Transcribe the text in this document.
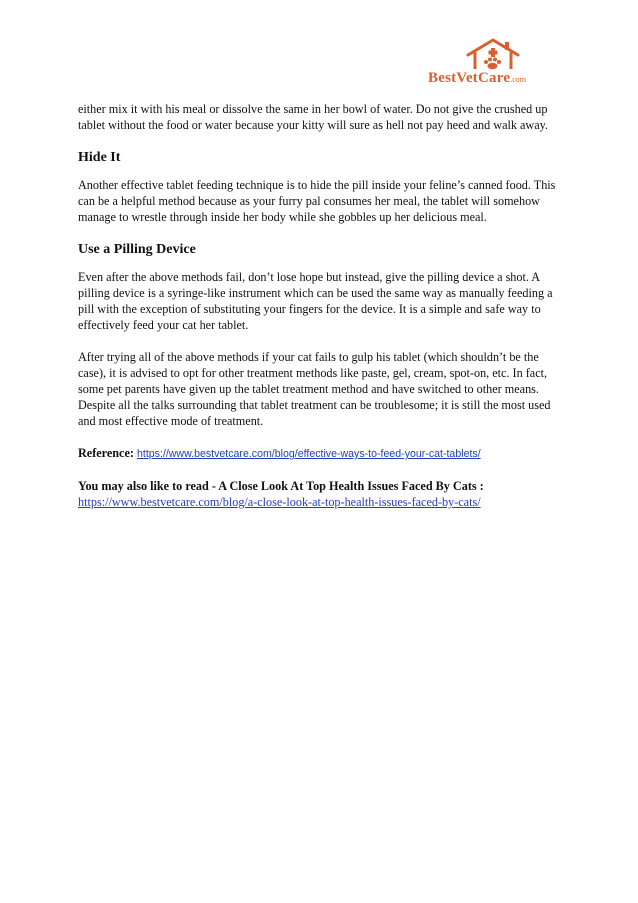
BestVetCare.com

either mix it with his meal or dissolve the same in her bowl of water. Do not give the crushed up tablet without the food or water because your kitty will sure as hell not pay heed and walk away.

Hide It

Another effective tablet feeding technique is to hide the pill inside your feline’s canned food. This can be a helpful method because as your furry pal consumes her meal, the tablet will somehow manage to wrestle through inside her body while she gobbles up her delicious meal.

Use a Pilling Device

Even after the above methods fail, don’t lose hope but instead, give the pilling device a shot. A pilling device is a syringe-like instrument which can be used the same way as manually feeding a pill with the exception of substituting your fingers for the device. It is a simple and safe way to effectively feed your cat her tablet.

After trying all of the above methods if your cat fails to gulp his tablet (which shouldn’t be the case), it is advised to opt for other treatment methods like paste, gel, cream, spot-on, etc. In fact, some pet parents have given up the tablet treatment method and have switched to other means. Despite all the talks surrounding that tablet treatment can be troublesome; it is still the most used and most effective mode of treatment.

Reference: https://www.bestvetcare.com/blog/effective-ways-to-feed-your-cat-tablets/

You may also like to read - A Close Look At Top Health Issues Faced By Cats :
https://www.bestvetcare.com/blog/a-close-look-at-top-health-issues-faced-by-cats/
